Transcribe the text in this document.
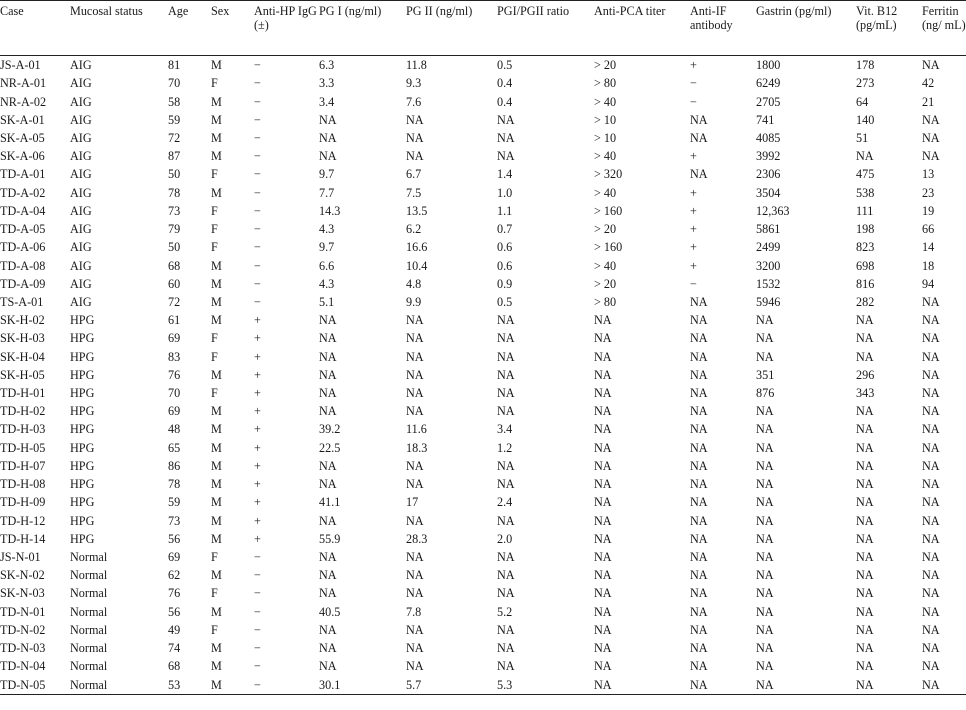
Case	Mucosal status	Age	Sex	Anti-HP IgG (±)	PG I (ng/ml)	PG II (ng/ml)	PGI/PGII ratio	Anti-PCA titer	Anti-IF antibody	Gastrin (pg/ml)	Vit. B12 (pg/mL)	Ferritin (ng/ mL)
JS-A-01	AIG	81	M	−	6.3	11.8	0.5	> 20	+	1800	178	NA
NR-A-01	AIG	70	F	−	3.3	9.3	0.4	> 80	−	6249	273	42
NR-A-02	AIG	58	M	−	3.4	7.6	0.4	> 40	−	2705	64	21
SK-A-01	AIG	59	M	−	NA	NA	NA	> 10	NA	741	140	NA
SK-A-05	AIG	72	M	−	NA	NA	NA	> 10	NA	4085	51	NA
SK-A-06	AIG	87	M	−	NA	NA	NA	> 40	+	3992	NA	NA
TD-A-01	AIG	50	F	−	9.7	6.7	1.4	> 320	NA	2306	475	13
TD-A-02	AIG	78	M	−	7.7	7.5	1.0	> 40	+	3504	538	23
TD-A-04	AIG	73	F	−	14.3	13.5	1.1	> 160	+	12,363	111	19
TD-A-05	AIG	79	F	−	4.3	6.2	0.7	> 20	+	5861	198	66
TD-A-06	AIG	50	F	−	9.7	16.6	0.6	> 160	+	2499	823	14
TD-A-08	AIG	68	M	−	6.6	10.4	0.6	> 40	+	3200	698	18
TD-A-09	AIG	60	M	−	4.3	4.8	0.9	> 20	−	1532	816	94
TS-A-01	AIG	72	M	−	5.1	9.9	0.5	> 80	NA	5946	282	NA
SK-H-02	HPG	61	M	+	NA	NA	NA	NA	NA	NA	NA	NA
SK-H-03	HPG	69	F	+	NA	NA	NA	NA	NA	NA	NA	NA
SK-H-04	HPG	83	F	+	NA	NA	NA	NA	NA	NA	NA	NA
SK-H-05	HPG	76	M	+	NA	NA	NA	NA	NA	351	296	NA
TD-H-01	HPG	70	F	+	NA	NA	NA	NA	NA	876	343	NA
TD-H-02	HPG	69	M	+	NA	NA	NA	NA	NA	NA	NA	NA
TD-H-03	HPG	48	M	+	39.2	11.6	3.4	NA	NA	NA	NA	NA
TD-H-05	HPG	65	M	+	22.5	18.3	1.2	NA	NA	NA	NA	NA
TD-H-07	HPG	86	M	+	NA	NA	NA	NA	NA	NA	NA	NA
TD-H-08	HPG	78	M	+	NA	NA	NA	NA	NA	NA	NA	NA
TD-H-09	HPG	59	M	+	41.1	17	2.4	NA	NA	NA	NA	NA
TD-H-12	HPG	73	M	+	NA	NA	NA	NA	NA	NA	NA	NA
TD-H-14	HPG	56	M	+	55.9	28.3	2.0	NA	NA	NA	NA	NA
JS-N-01	Normal	69	F	−	NA	NA	NA	NA	NA	NA	NA	NA
SK-N-02	Normal	62	M	−	NA	NA	NA	NA	NA	NA	NA	NA
SK-N-03	Normal	76	F	−	NA	NA	NA	NA	NA	NA	NA	NA
TD-N-01	Normal	56	M	−	40.5	7.8	5.2	NA	NA	NA	NA	NA
TD-N-02	Normal	49	F	−	NA	NA	NA	NA	NA	NA	NA	NA
TD-N-03	Normal	74	M	−	NA	NA	NA	NA	NA	NA	NA	NA
TD-N-04	Normal	68	M	−	NA	NA	NA	NA	NA	NA	NA	NA
TD-N-05	Normal	53	M	−	30.1	5.7	5.3	NA	NA	NA	NA	NA
